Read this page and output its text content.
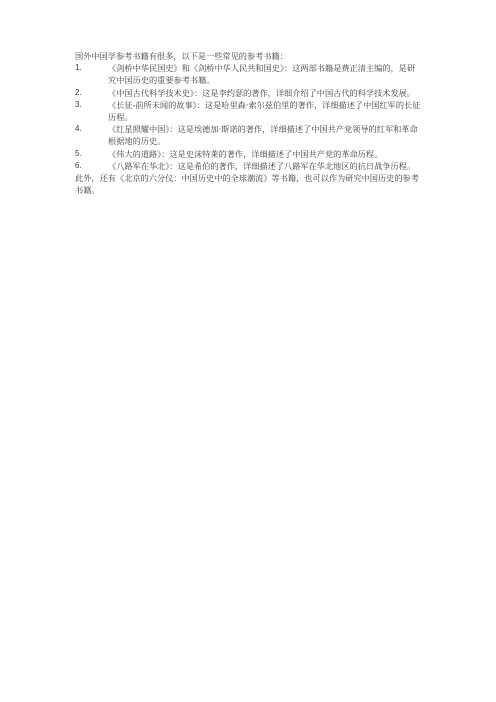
国外中国学参考书籍有很多，以下是一些常见的参考书籍：

1.	《剑桥中华民国史》和《剑桥中华人民共和国史》：这两部书籍是费正清主编的，是研究中国历史的重要参考书籍。
2.	《中国古代科学技术史》：这是李约瑟的著作，详细介绍了中国古代的科学技术发展。
3.	《长征-前所未闻的故事》：这是哈里森·索尔兹伯里的著作，详细描述了中国红军的长征历程。
4.	《红星照耀中国》：这是埃德加·斯诺的著作，详细描述了中国共产党领导的红军和革命根据地的历史。
5.	《伟大的道路》：这是史沫特莱的著作，详细描述了中国共产党的革命历程。
6.	《八路军在华北》：这是希伯的著作，详细描述了八路军在华北地区的抗日战争历程。

此外，还有《北京的六分仪：中国历史中的全球潮流》等书籍，也可以作为研究中国历史的参考书籍。
